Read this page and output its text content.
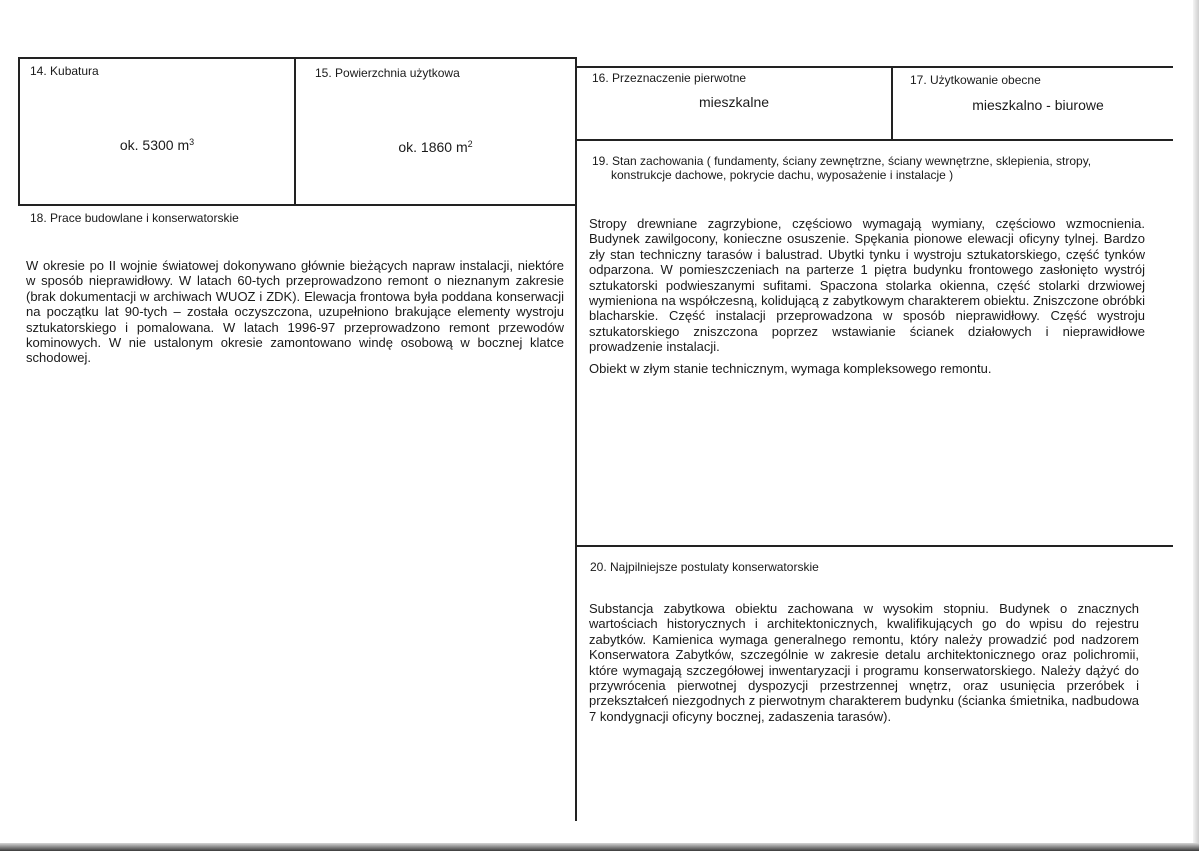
14. Kubatura
ok. 5300 $m^3$
15. Powierzchnia użytkowa
ok. 1860 $m^2$
16. Przeznaczenie pierwotne
mieszkalne
17. Użytkowanie obecne
mieszkalno - biurowe
18. Prace budowlane i konserwatorskie
W okresie po II wojnie światowej dokonywano głównie bieżących napraw instalacji, niektóre w sposób nieprawidłowy. W latach 60-tych przeprowadzono remont o nieznanym zakresie (brak dokumentacji w archiwach WUOZ i ZDK). Elewacja frontowa była poddana konserwacji na początku lat 90-tych – została oczyszczona, uzupełniono brakujące elementy wystroju sztukatorskiego i pomalowana. W latach 1996-97 przeprowadzono remont przewodów kominowych. W nie ustalonym okresie zamontowano windę osobową w bocznej klatce schodowej.
19. Stan zachowania ( fundamenty, ściany zewnętrzne, ściany wewnętrzne, sklepienia, stropy,
konstrukcje dachowe, pokrycie dachu, wyposażenie i instalacje )

Stropy drewniane zagrzybione, częściowo wymagają wymiany, częściowo wzmocnienia. Budynek zawilgocony, konieczne osuszenie. Spękania pionowe elewacji oficyny tylnej. Bardzo zły stan techniczny tarasów i balustrad. Ubytki tynku i wystroju sztukatorskiego, część tynków odparzona. W pomieszczeniach na parterze 1 piętra budynku frontowego zasłonięto wystrój sztukatorski podwieszanymi sufitami. Spaczona stolarka okienna, część stolarki drzwiowej wymieniona na współczesną, kolidującą z zabytkowym charakterem obiektu. Zniszczone obróbki blacharskie. Część instalacji przeprowadzona w sposób nieprawidłowy. Część wystroju sztukatorskiego zniszczona poprzez wstawianie ścianek działowych i nieprawidłowe prowadzenie instalacji.

Obiekt w złym stanie technicznym, wymaga kompleksowego remontu.

20. Najpilniejsze postulaty konserwatorskie
Substancja zabytkowa obiektu zachowana w wysokim stopniu. Budynek o znacznych wartościach historycznych i architektonicznych, kwalifikujących go do wpisu do rejestru zabytków. Kamienica wymaga generalnego remontu, który należy prowadzić pod nadzorem Konserwatora Zabytków, szczególnie w zakresie detalu architektonicznego oraz polichromii, które wymagają szczegółowej inwentaryzacji i programu konserwatorskiego. Należy dążyć do przywrócenia pierwotnej dyspozycji przestrzennej wnętrz, oraz usunięcia przeróbek i przekształceń niezgodnych z pierwotnym charakterem budynku (ścianka śmietnika, nadbudowa 7 kondygnacji oficyny bocznej, zadaszenia tarasów).
